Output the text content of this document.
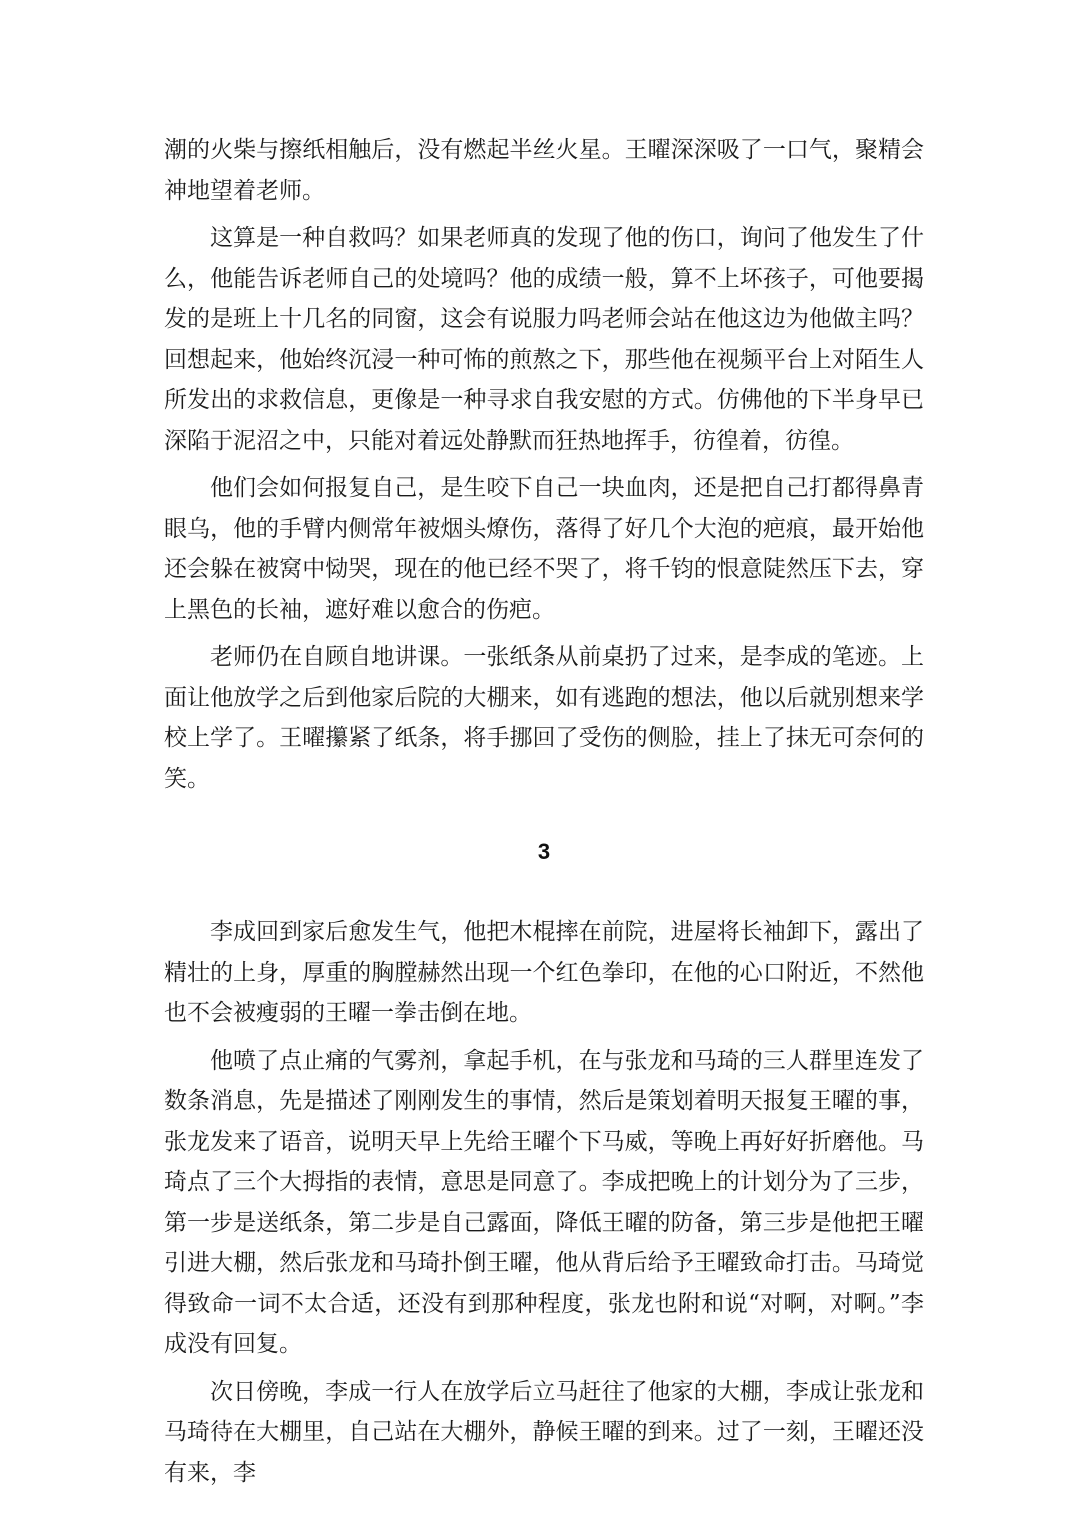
潮的火柴与擦纸相触后，没有燃起半丝火星。王曜深深吸了一口气，聚精会神地望着老师。

这算是一种自救吗？如果老师真的发现了他的伤口，询问了他发生了什么，他能告诉老师自己的处境吗？他的成绩一般，算不上坏孩子，可他要揭发的是班上十几名的同窗，这会有说服力吗老师会站在他这边为他做主吗？回想起来，他始终沉浸一种可怖的煎熬之下，那些他在视频平台上对陌生人所发出的求救信息，更像是一种寻求自我安慰的方式。仿佛他的下半身早已深陷于泥沼之中，只能对着远处静默而狂热地挥手，彷徨着，彷徨。

他们会如何报复自己，是生咬下自己一块血肉，还是把自己打都得鼻青眼乌，他的手臂内侧常年被烟头燎伤，落得了好几个大泡的疤痕，最开始他还会躲在被窝中恸哭，现在的他已经不哭了，将千钧的恨意陡然压下去，穿上黑色的长袖，遮好难以愈合的伤疤。

老师仍在自顾自地讲课。一张纸条从前桌扔了过来，是李成的笔迹。上面让他放学之后到他家后院的大棚来，如有逃跑的想法，他以后就别想来学校上学了。王曜攥紧了纸条，将手挪回了受伤的侧脸，挂上了抹无可奈何的笑。

3

李成回到家后愈发生气，他把木棍摔在前院，进屋将长袖卸下，露出了精壮的上身，厚重的胸膛赫然出现一个红色拳印，在他的心口附近，不然他也不会被瘦弱的王曜一拳击倒在地。

他喷了点止痛的气雾剂，拿起手机，在与张龙和马琦的三人群里连发了数条消息，先是描述了刚刚发生的事情，然后是策划着明天报复王曜的事，张龙发来了语音，说明天早上先给王曜个下马威，等晚上再好好折磨他。马琦点了三个大拇指的表情，意思是同意了。李成把晚上的计划分为了三步，第一步是送纸条，第二步是自己露面，降低王曜的防备，第三步是他把王曜引进大棚，然后张龙和马琦扑倒王曜，他从背后给予王曜致命打击。马琦觉得致命一词不太合适，还没有到那种程度，张龙也附和说“对啊，对啊。”李成没有回复。

次日傍晚，李成一行人在放学后立马赶往了他家的大棚，李成让张龙和马琦待在大棚里，自己站在大棚外，静候王曜的到来。过了一刻，王曜还没有来，李
